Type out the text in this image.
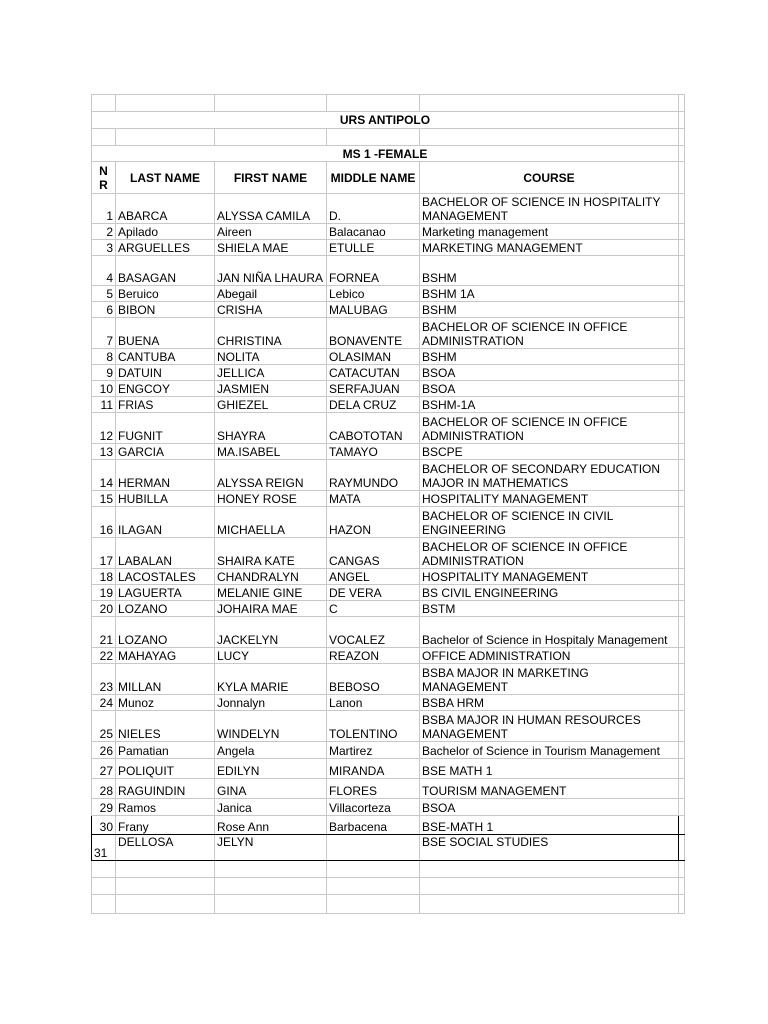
URS ANTIPOLO					

MS 1 -FEMALE					
N R	LAST NAME	FIRST NAME	MIDDLE NAME	COURSE	
1	ABARCA	ALYSSA CAMILA	D.	BACHELOR OF SCIENCE IN HOSPITALITY MANAGEMENT	
2	Apilado	Aireen	Balacanao	Marketing management	
3	ARGUELLES	SHIELA MAE	ETULLE	MARKETING MANAGEMENT	
4	BASAGAN	JAN NIÑA LHAURA	FORNEA	BSHM	
5	Beruico	Abegail	Lebico	BSHM 1A	
6	BIBON	CRISHA	MALUBAG	BSHM	
7	BUENA	CHRISTINA	BONAVENTE	BACHELOR OF SCIENCE IN OFFICE ADMINISTRATION	
8	CANTUBA	NOLITA	OLASIMAN	BSHM	
9	DATUIN	JELLICA	CATACUTAN	BSOA	
10	ENGCOY	JASMIEN	SERFAJUAN	BSOA	
11	FRIAS	GHIEZEL	DELA CRUZ	BSHM-1A	
12	FUGNIT	SHAYRA	CABOTOTAN	BACHELOR OF SCIENCE IN OFFICE ADMINISTRATION	
13	GARCIA	MA.ISABEL	TAMAYO	BSCPE	
14	HERMAN	ALYSSA REIGN	RAYMUNDO	BACHELOR OF SECONDARY EDUCATION MAJOR IN MATHEMATICS	
15	HUBILLA	HONEY ROSE	MATA	HOSPITALITY MANAGEMENT	
16	ILAGAN	MICHAELLA	HAZON	BACHELOR OF SCIENCE IN CIVIL ENGINEERING	
17	LABALAN	SHAIRA KATE	CANGAS	BACHELOR OF SCIENCE IN OFFICE ADMINISTRATION	
18	LACOSTALES	CHANDRALYN	ANGEL	HOSPITALITY MANAGEMENT	
19	LAGUERTA	MELANIE GINE	DE VERA	BS CIVIL ENGINEERING	
20	LOZANO	JOHAIRA MAE	C	BSTM	
21	LOZANO	JACKELYN	VOCALEZ	Bachelor of Science in Hospitaly Management	
22	MAHAYAG	LUCY	REAZON	OFFICE ADMINISTRATION	
23	MILLAN	KYLA MARIE	BEBOSO	BSBA MAJOR IN MARKETING MANAGEMENT	
24	Munoz	Jonnalyn	Lanon	BSBA HRM	
25	NIELES	WINDELYN	TOLENTINO	BSBA MAJOR IN HUMAN RESOURCES MANAGEMENT	
26	Pamatian	Angela	Martirez	Bachelor of Science in Tourism Management	
27	POLIQUIT	EDILYN	MIRANDA	BSE MATH 1	
28	RAGUINDIN	GINA	FLORES	TOURISM MANAGEMENT	
29	Ramos	Janica	Villacorteza	BSOA	
30	Frany	Rose Ann	Barbacena	BSE-MATH 1	
31	DELLOSA	JELYN		BSE SOCIAL STUDIES	
